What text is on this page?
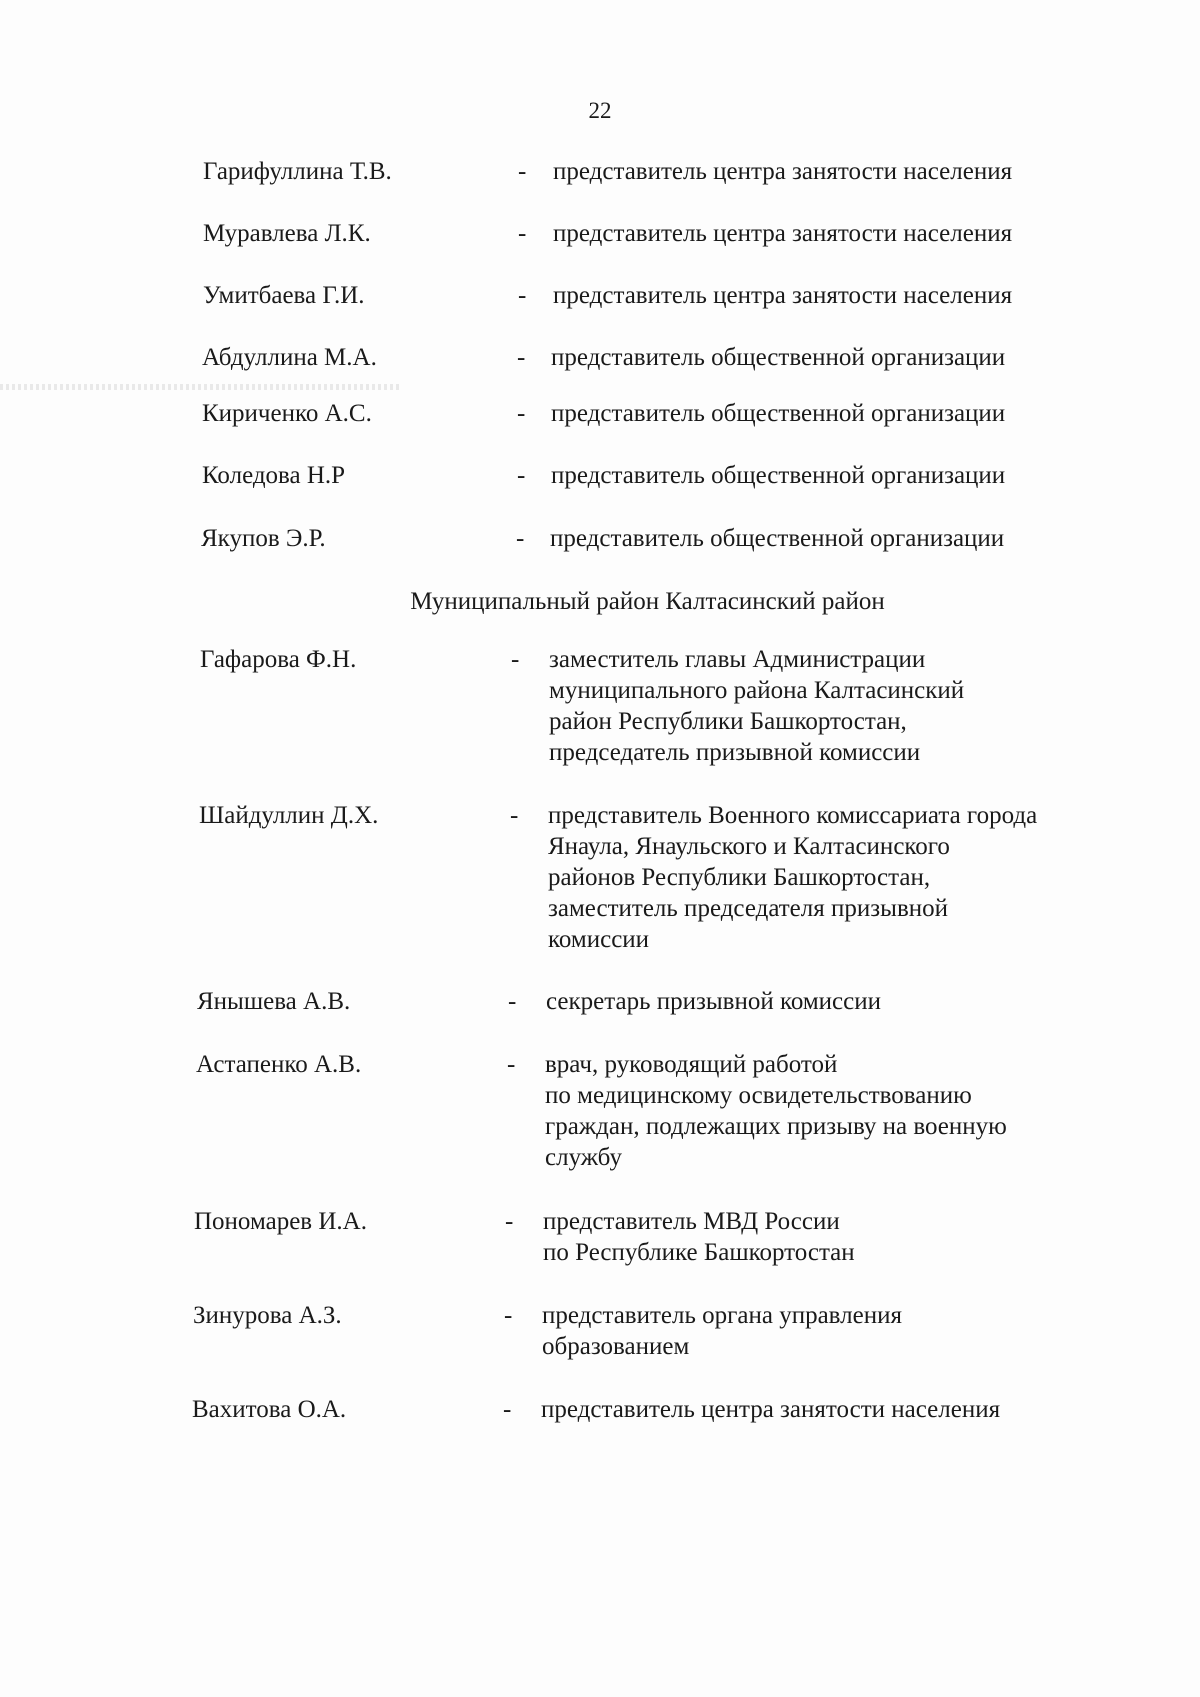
22
Гарифуллина Т.В.	- представитель центра занятости населения
Муравлева Л.К.	- представитель центра занятости населения
Умитбаева Г.И.	- представитель центра занятости населения
Абдуллина М.А.	- представитель общественной организации
Кириченко А.С.	- представитель общественной организации
Коледова Н.Р	- представитель общественной организации
Якупов Э.Р.	- представитель общественной организации
Муниципальный район Калтасинский район
Гафарова Ф.Н.	- заместитель главы Администрации
муниципального района Калтасинский
район Республики Башкортостан,
председатель призывной комиссии
Шайдуллин Д.Х.	- представитель Военного комиссариата города
Янаула, Янаульского и Калтасинского
районов Республики Башкортостан,
заместитель председателя призывной
комиссии
Янышева А.В.	- секретарь призывной комиссии
Астапенко А.В.	- врач, руководящий работой
по медицинскому освидетельствованию
граждан, подлежащих призыву на военную
службу
Пономарев И.А.	- представитель МВД России
по Республике Башкортостан
Зинурова А.З.	- представитель органа управления
образованием
Вахитова О.А.	- представитель центра занятости населения
